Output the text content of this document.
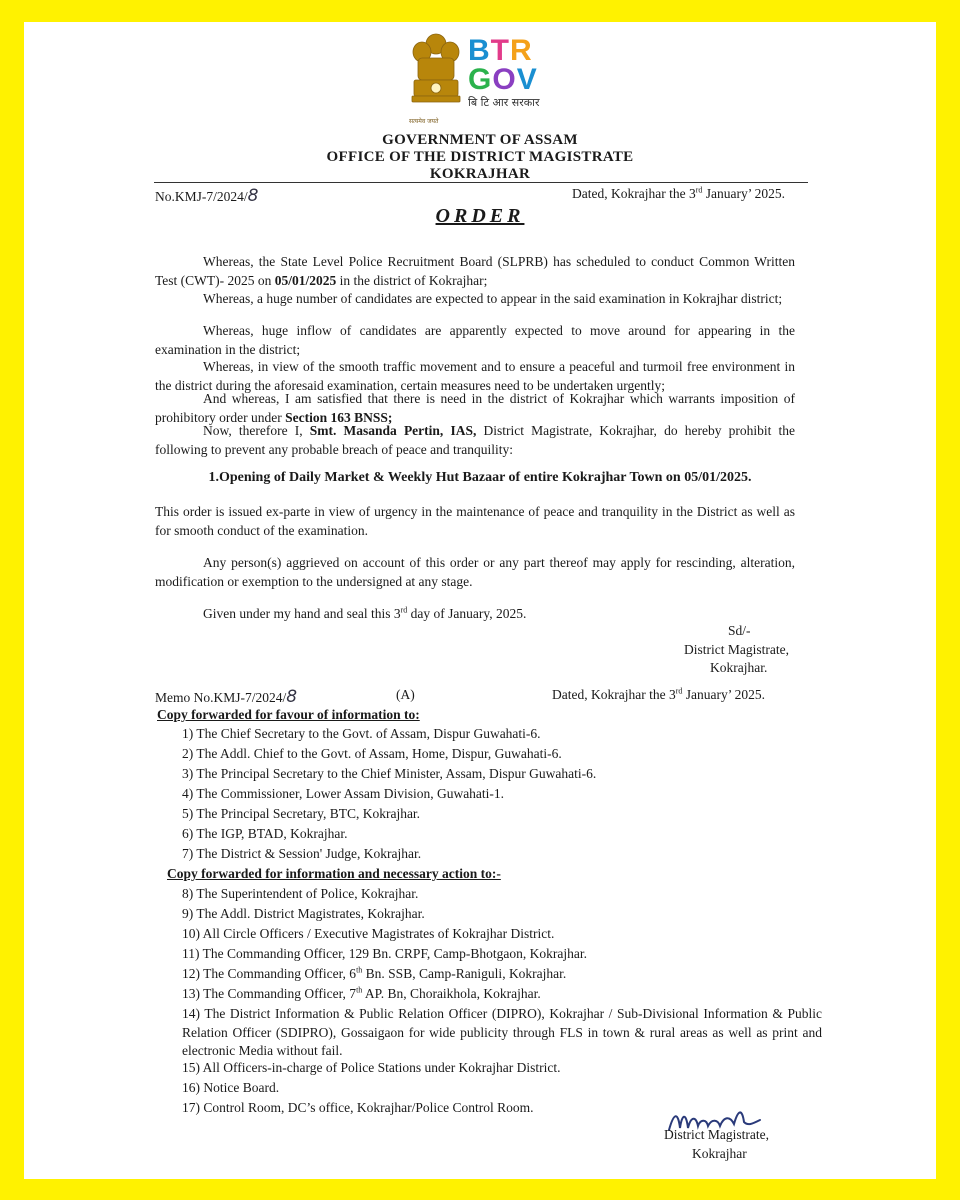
सत्यमेव जयते
BTR
GOV
बि टि आर सरकार
GOVERNMENT OF ASSAM
OFFICE OF THE DISTRICT MAGISTRATE
KOKRAJHAR
No.KMJ-7/2024/8	Dated, Kokrajhar the 3rd January’ 2025.
ORDER

Whereas, the State Level Police Recruitment Board (SLPRB) has scheduled to conduct Common Written Test (CWT)- 2025 on 05/01/2025 in the district of Kokrajhar;

Whereas, a huge number of candidates are expected to appear in the said examination in Kokrajhar district;

Whereas, huge inflow of candidates are apparently expected to move around for appearing in the examination in the district;

Whereas, in view of the smooth traffic movement and to ensure a peaceful and turmoil free environment in the district during the aforesaid examination, certain measures need to be undertaken urgently;

And whereas, I am satisfied that there is need in the district of Kokrajhar which warrants imposition of prohibitory order under Section 163 BNSS;

Now, therefore I, Smt. Masanda Pertin, IAS, District Magistrate, Kokrajhar, do hereby prohibit the following to prevent any probable breach of peace and tranquility:

1.Opening of Daily Market & Weekly Hut Bazaar of entire Kokrajhar Town on 05/01/2025.

This order is issued ex-parte in view of urgency in the maintenance of peace and tranquility in the District as well as for smooth conduct of the examination.

Any person(s) aggrieved on account of this order or any part thereof may apply for rescinding, alteration, modification or exemption to the undersigned at any stage.

Given under my hand and seal this 3rd day of January, 2025.

Sd/-
District Magistrate,
Kokrajhar.
Memo No.KMJ-7/2024/8	(A)	Dated, Kokrajhar the 3rd January’ 2025.
Copy forwarded for favour of information to:
1) The Chief Secretary to the Govt. of Assam, Dispur Guwahati-6.
2) The Addl. Chief to the Govt. of Assam, Home, Dispur, Guwahati-6.
3) The Principal Secretary to the Chief Minister, Assam, Dispur Guwahati-6.
4) The Commissioner, Lower Assam Division, Guwahati-1.
5) The Principal Secretary, BTC, Kokrajhar.
6) The IGP, BTAD, Kokrajhar.
7) The District & Session' Judge, Kokrajhar.
Copy forwarded for information and necessary action to:-
8) The Superintendent of Police, Kokrajhar.
9) The Addl. District Magistrates, Kokrajhar.
10) All Circle Officers / Executive Magistrates of Kokrajhar District.
11) The Commanding Officer, 129 Bn. CRPF, Camp-Bhotgaon, Kokrajhar.
12) The Commanding Officer, 6th Bn. SSB, Camp-Raniguli, Kokrajhar.
13) The Commanding Officer, 7th AP. Bn, Choraikhola, Kokrajhar.
14) The District Information & Public Relation Officer (DIPRO), Kokrajhar / Sub-Divisional Information & Public Relation Officer (SDIPRO), Gossaigaon for wide publicity through FLS in town & rural areas as well as print and electronic Media without fail.
15) All Officers-in-charge of Police Stations under Kokrajhar District.
16) Notice Board.
17) Control Room, DC’s office, Kokrajhar/Police Control Room.
District Magistrate,
Kokrajhar
